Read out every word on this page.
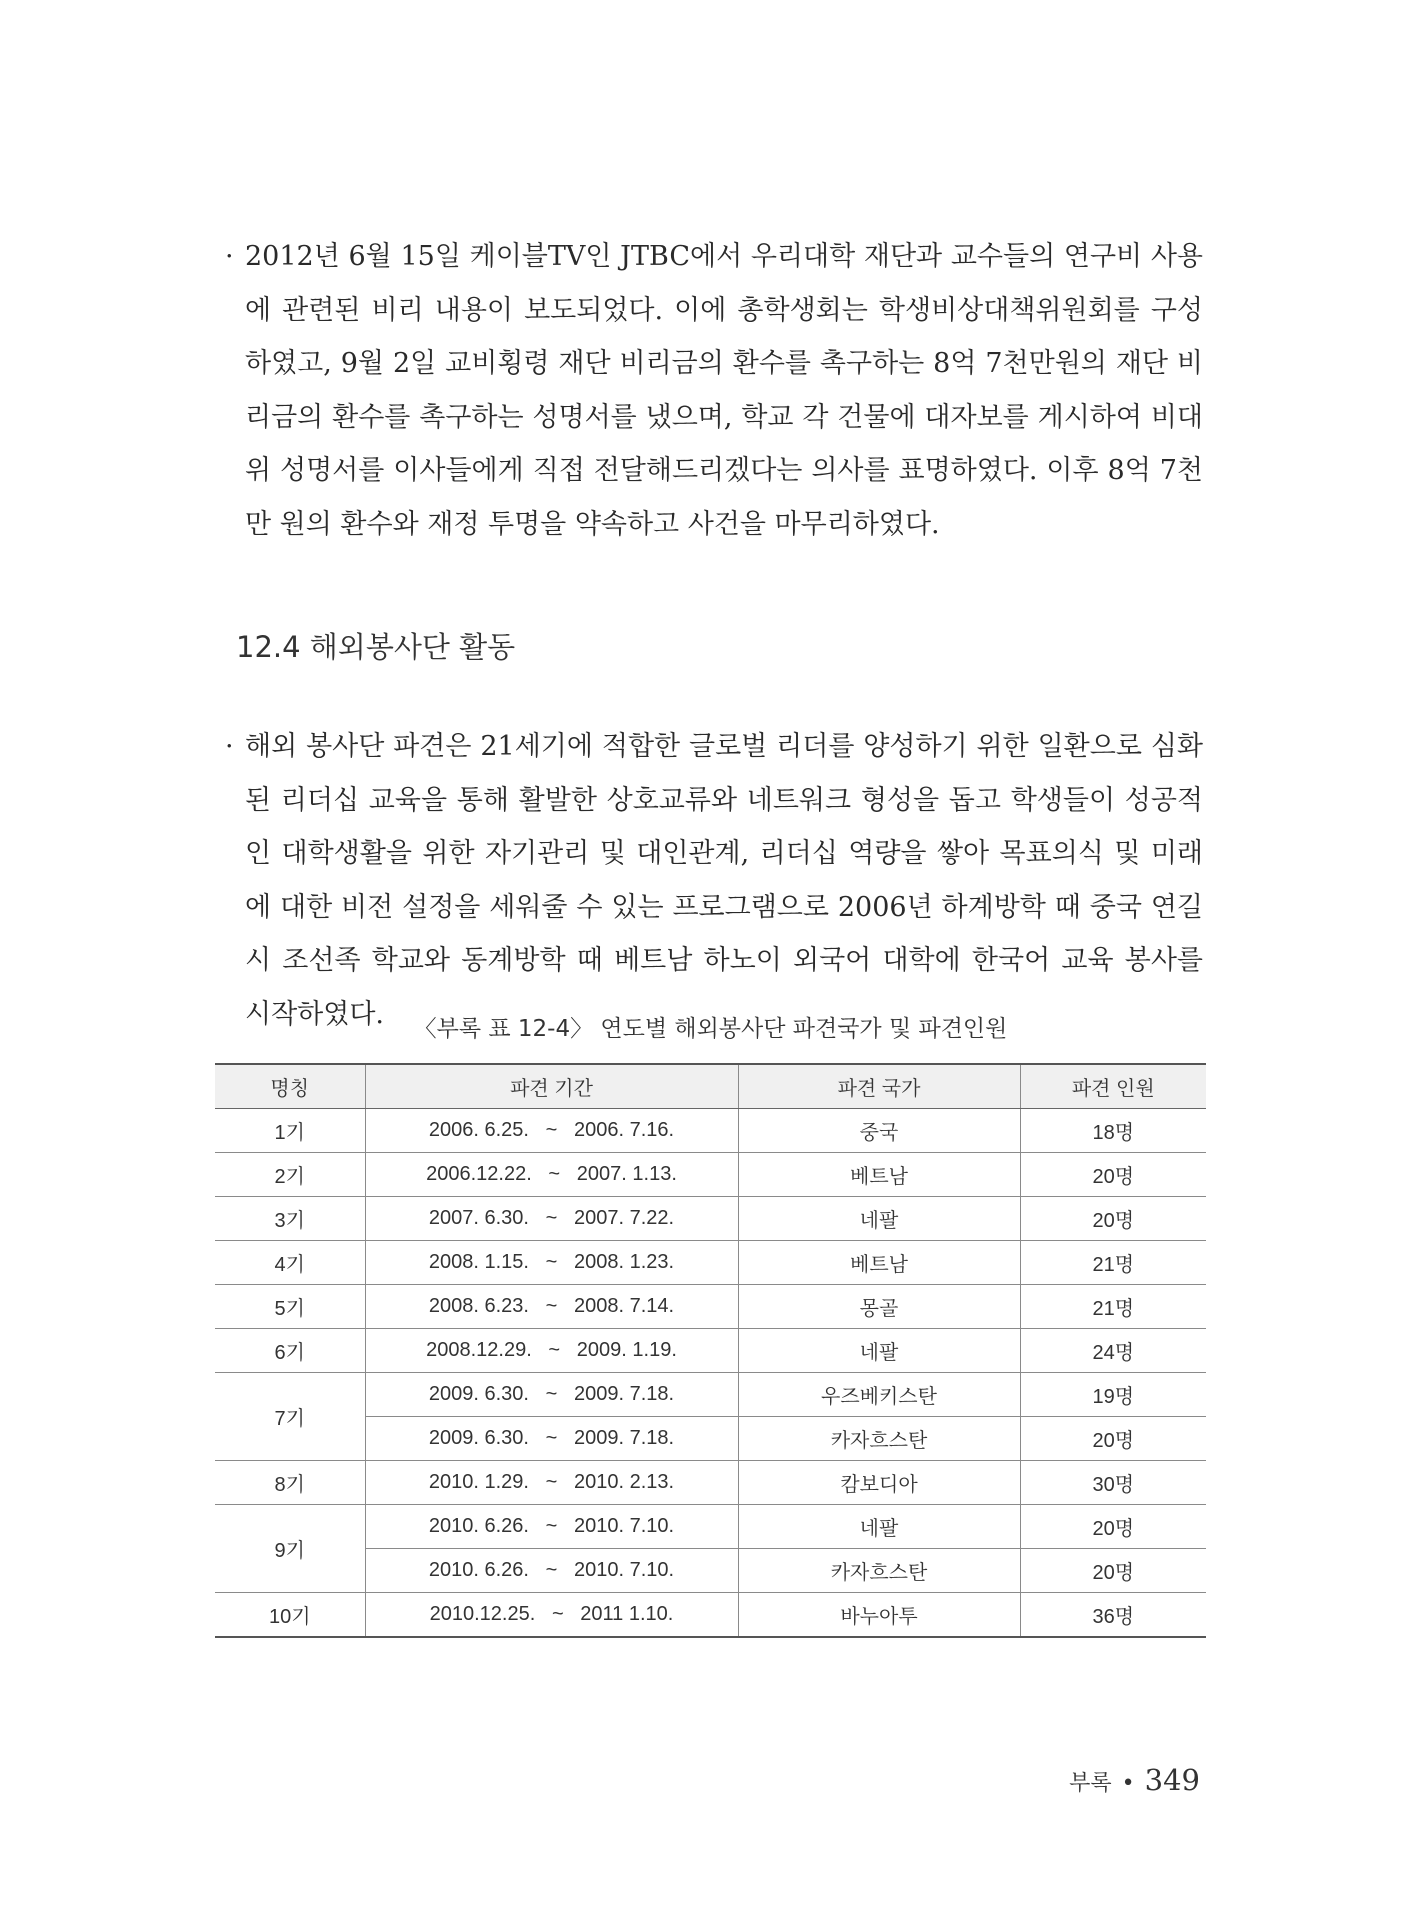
· 2012년 6월 15일 케이블TV인 JTBC에서 우리대학 재단과 교수들의 연구비 사용에 관련된 비리 내용이 보도되었다. 이에 총학생회는 학생비상대책위원회를 구성 하였고, 9월 2일 교비횡령 재단 비리금의 환수를 촉구하는 8억 7천만원의 재단 비리금의 환수를 촉구하는 성명서를 냈으며, 학교 각 건물에 대자보를 게시하여 비대위 성명서를 이사들에게 직접 전달해드리겠다는 의사를 표명하였다. 이후 8억 7천만 원의 환수와 재정 투명을 약속하고 사건을 마무리하였다.

12.4 해외봉사단 활동

· 해외 봉사단 파견은 21세기에 적합한 글로벌 리더를 양성하기 위한 일환으로 심화된 리더십 교육을 통해 활발한 상호교류와 네트워크 형성을 돕고 학생들이 성공적인 대학생활을 위한 자기관리 및 대인관계, 리더십 역량을 쌓아 목표의식 및 미래에 대한 비전 설정을 세워줄 수 있는 프로그램으로 2006년 하계방학 때 중국 연길시 조선족 학교와 동계방학 때 베트남 하노이 외국어 대학에 한국어 교육 봉사를 시작하였다.	〈부록 표 12-4〉 연도별 해외봉사단 파견국가 및 파견인원
명칭	파견 기간	파견 국가	파견 인원
1기	2006. 6.25.   ~   2006. 7.16.	중국	18명
2기	2006.12.22.   ~   2007. 1.13.	베트남	20명
3기	2007. 6.30.   ~   2007. 7.22.	네팔	20명
4기	2008. 1.15.   ~   2008. 1.23.	베트남	21명
5기	2008. 6.23.   ~   2008. 7.14.	몽골	21명
6기	2008.12.29.   ~   2009. 1.19.	네팔	24명
7기	2009. 6.30.   ~   2009. 7.18.	우즈베키스탄	19명
	2009. 6.30.   ~   2009. 7.18.	카자흐스탄	20명
8기	2010. 1.29.   ~   2010. 2.13.	캄보디아	30명
9기	2010. 6.26.   ~   2010. 7.10.	네팔	20명
	2010. 6.26.   ~   2010. 7.10.	카자흐스탄	20명
10기	2010.12.25.   ~   2011 1.10.	바누아투	36명
부록 • 349
